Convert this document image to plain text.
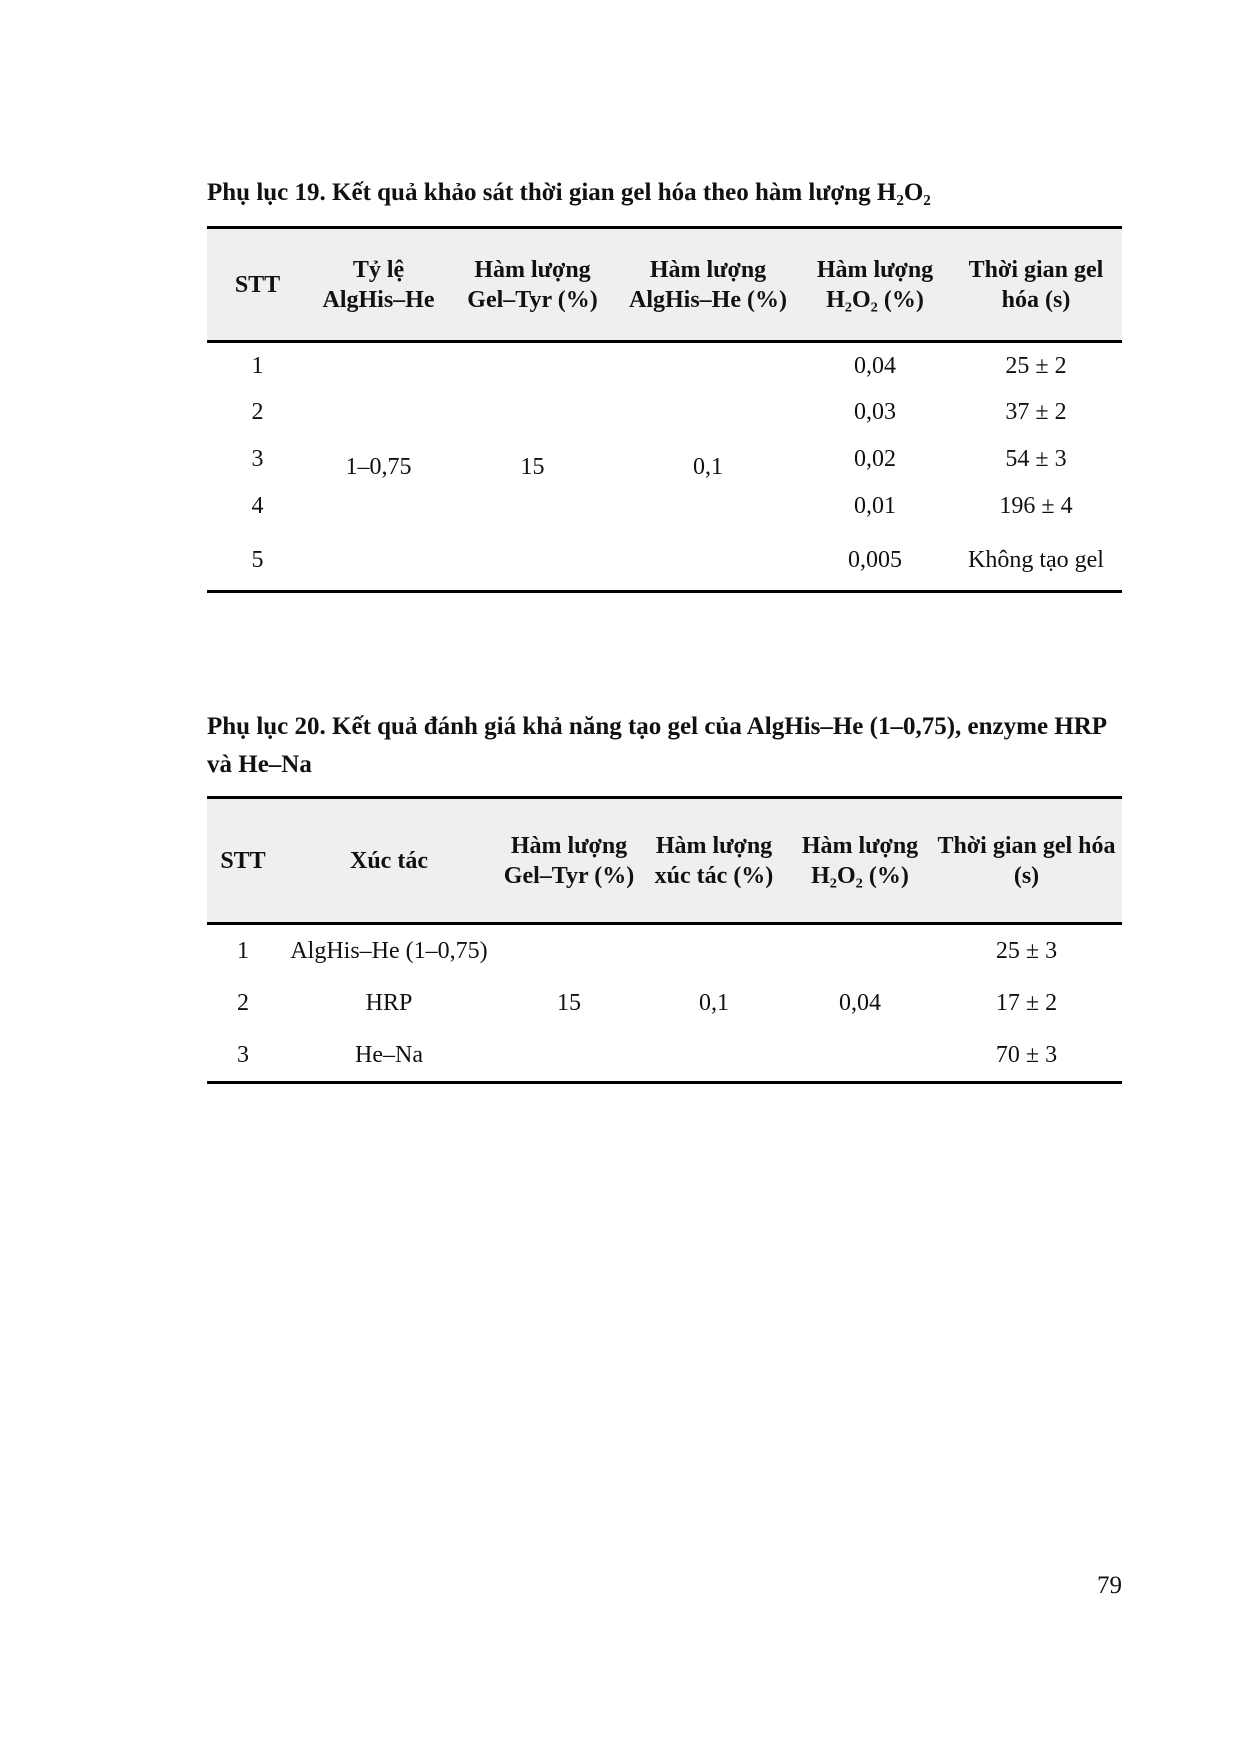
Phụ lục 19. Kết quả khảo sát thời gian gel hóa theo hàm lượng H₂O₂

STT	Tỷ lệ AlgHis–He	Hàm lượng Gel–Tyr (%)	Hàm lượng AlgHis–He (%)	Hàm lượng H₂O₂ (%)	Thời gian gel hóa (s)
1	1–0,75	15	0,1	0,04	25 ± 2
2				0,03	37 ± 2
3				0,02	54 ± 3
4				0,01	196 ± 4
5				0,005	Không tạo gel

Phụ lục 20. Kết quả đánh giá khả năng tạo gel của AlgHis–He (1–0,75), enzyme HRP và He–Na

STT	Xúc tác	Hàm lượng Gel–Tyr (%)	Hàm lượng xúc tác (%)	Hàm lượng H₂O₂ (%)	Thời gian gel hóa (s)
1	AlgHis–He (1–0,75)	15	0,1	0,04	25 ± 3
2	HRP				17 ± 2
3	He–Na				70 ± 3
79
